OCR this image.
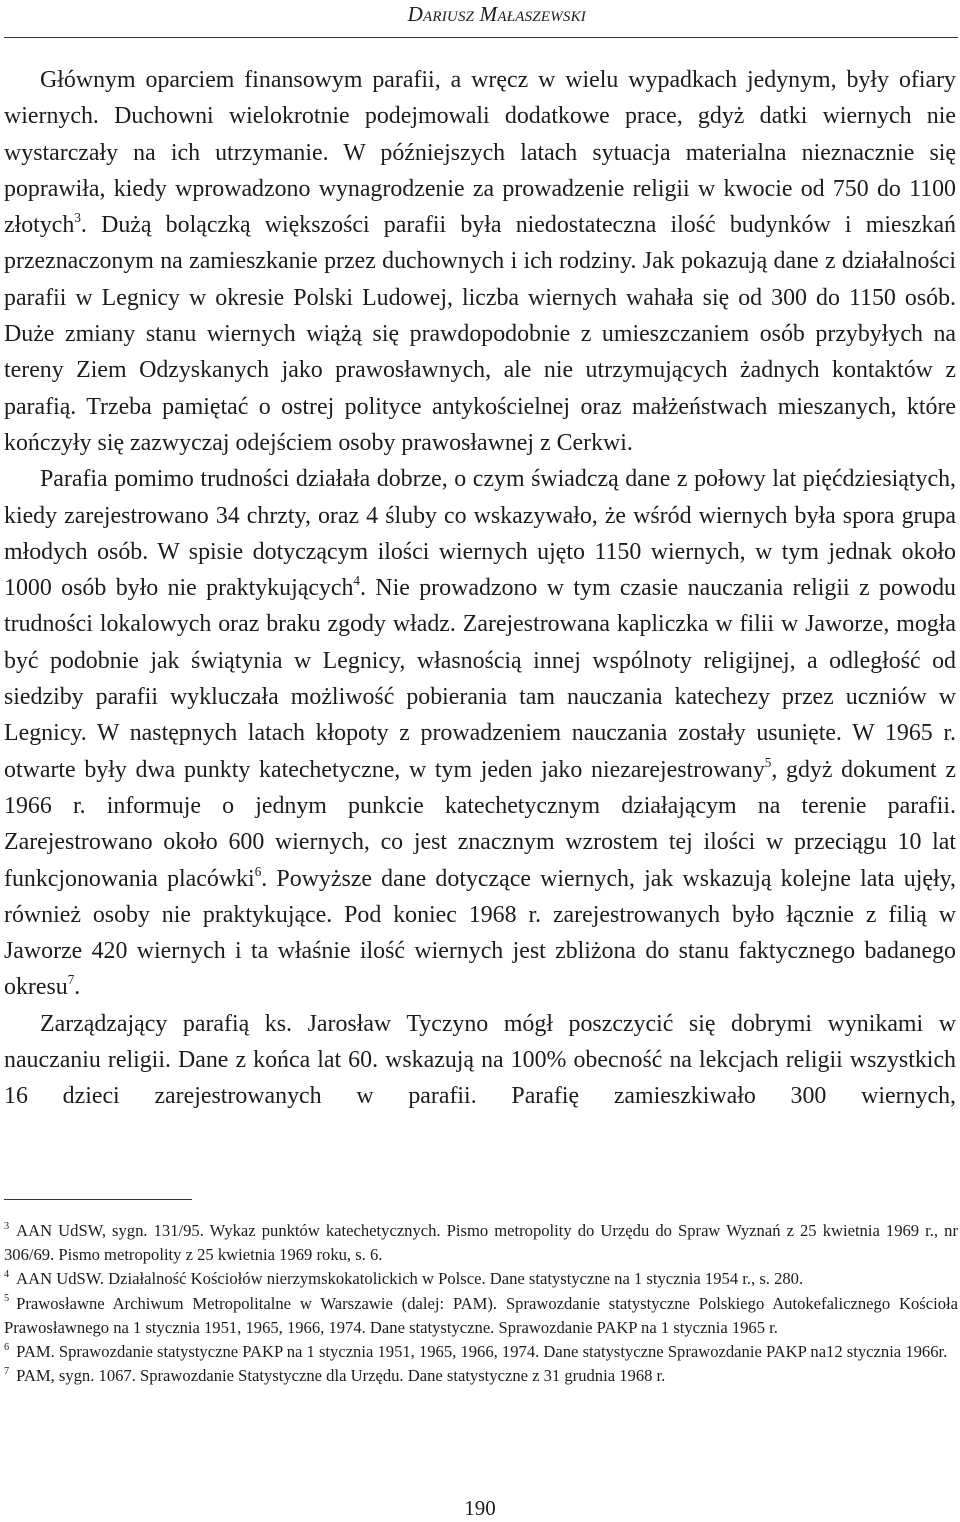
Dariusz Małaszewski

Głównym oparciem finansowym parafii, a wręcz w wielu wypadkach jedynym, były ofiary wiernych. Duchowni wielokrotnie podejmowali dodatkowe prace, gdyż datki wiernych nie wystarczały na ich utrzymanie. W późniejszych latach sytuacja materialna nieznacznie się poprawiła, kiedy wprowadzono wynagrodzenie za prowadzenie religii w kwocie od 750 do 1100 złotych$^3$. Dużą bolączką większości parafii była niedostateczna ilość budynków i mieszkań przeznaczonym na zamieszkanie przez duchownych i ich rodziny. Jak pokazują dane z działalności parafii w Legnicy w okresie Polski Ludowej, liczba wiernych wahała się od 300 do 1150 osób. Duże zmiany stanu wiernych wiążą się prawdopodobnie z umieszczaniem osób przybyłych na tereny Ziem Odzyskanych jako prawosławnych, ale nie utrzymujących żadnych kontaktów z parafią. Trzeba pamiętać o ostrej polityce antykościelnej oraz małżeństwach mieszanych, które kończyły się zazwyczaj odejściem osoby prawosławnej z Cerkwi.

Parafia pomimo trudności działała dobrze, o czym świadczą dane z połowy lat pięćdziesiątych, kiedy zarejestrowano 34 chrzty, oraz 4 śluby co wskazywało, że wśród wiernych była spora grupa młodych osób. W spisie dotyczącym ilości wiernych ujęto 1150 wiernych, w tym jednak około 1000 osób było nie praktykujących$^4$. Nie prowadzono w tym czasie nauczania religii z powodu trudności lokalowych oraz braku zgody władz. Zarejestrowana kapliczka w filii w Jaworze, mogła być podobnie jak świątynia w Legnicy, własnością innej wspólnoty religijnej, a odległość od siedziby parafii wykluczała możliwość pobierania tam nauczania katechezy przez uczniów w Legnicy. W następnych latach kłopoty z prowadzeniem nauczania zostały usunięte. W 1965 r. otwarte były dwa punkty katechetyczne, w tym jeden jako niezarejestrowany$^5$, gdyż dokument z 1966 r. informuje o jednym punkcie katechetycznym działającym na terenie parafii. Zarejestrowano około 600 wiernych, co jest znacznym wzrostem tej ilości w przeciągu 10 lat funkcjonowania placówki$^6$. Powyższe dane dotyczące wiernych, jak wskazują kolejne lata ujęły, również osoby nie praktykujące. Pod koniec 1968 r. zarejestrowanych było łącznie z filią w Jaworze 420 wiernych i ta właśnie ilość wiernych jest zbliżona do stanu faktycznego badanego okresu$^7$.

Zarządzający parafią ks. Jarosław Tyczyno mógł poszczycić się dobrymi wynikami w nauczaniu religii. Dane z końca lat 60. wskazują na 100% obecność na lekcjach religii wszystkich 16 dzieci zarejestrowanych w parafii. Parafię zamieszkiwało 300 wiernych,

$^3$ AAN UdSW, sygn. 131/95. Wykaz punktów katechetycznych. Pismo metropolity do Urzędu do Spraw Wyznań z 25 kwietnia 1969 r., nr 306/69. Pismo metropolity z 25 kwietnia 1969 roku, s. 6.

$^4$ AAN UdSW. Działalność Kościołów nierzymskokatolickich w Polsce. Dane statystyczne na 1 stycznia 1954 r., s. 280.

$^5$ Prawosławne Archiwum Metropolitalne w Warszawie (dalej: PAM). Sprawozdanie statystyczne Polskiego Autokefalicznego Kościoła Prawosławnego na 1 stycznia 1951, 1965, 1966, 1974. Dane statystyczne. Sprawozdanie PAKP na 1 stycznia 1965 r.

$^6$ PAM. Sprawozdanie statystyczne PAKP na 1 stycznia 1951, 1965, 1966, 1974. Dane statystyczne Sprawozdanie PAKP na12 stycznia 1966r.

$^7$ PAM, sygn. 1067. Sprawozdanie Statystyczne dla Urzędu. Dane statystyczne z 31 grudnia 1968 r.

190
